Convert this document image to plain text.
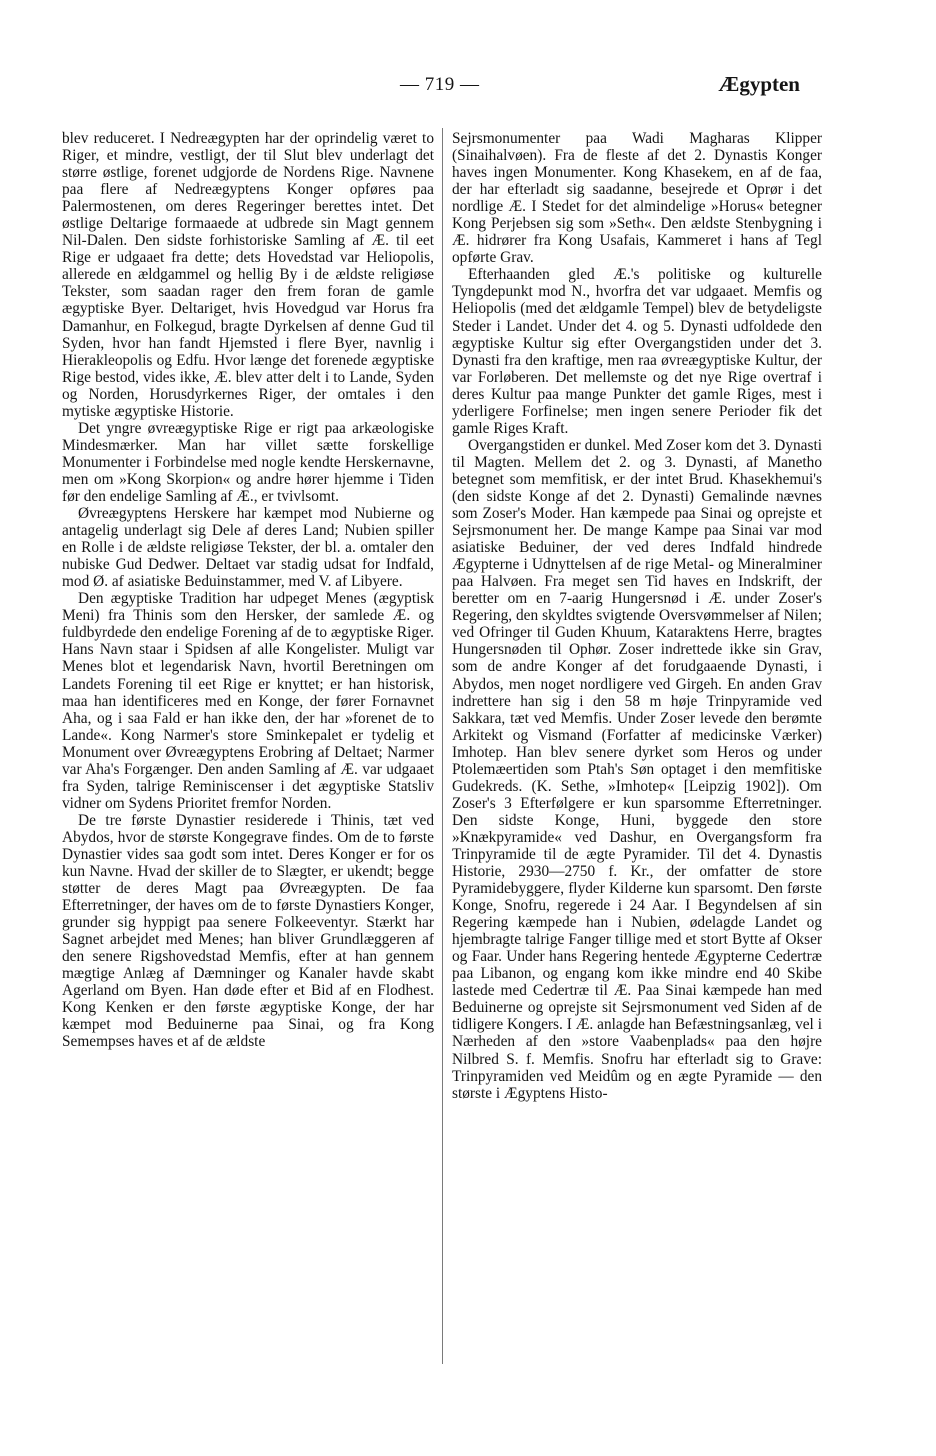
— 719 —	Ægypten

blev reduceret. I Nedreægypten har der oprindelig været to Riger, et mindre, vestligt, der til Slut blev underlagt det større østlige, forenet udgjorde de Nordens Rige. Navnene paa flere af Nedreægyptens Konger opføres paa Palermostenen, om deres Regeringer berettes intet. Det østlige Deltarige formaaede at udbrede sin Magt gennem Nil-Dalen. Den sidste forhistoriske Samling af Æ. til eet Rige er udgaaet fra dette; dets Hovedstad var Heliopolis, allerede en ældgammel og hellig By i de ældste religiøse Tekster, som saadan rager den frem foran de gamle ægyptiske Byer. Deltariget, hvis Hovedgud var Horus fra Damanhur, en Folkegud, bragte Dyrkelsen af denne Gud til Syden, hvor han fandt Hjemsted i flere Byer, navnlig i Hierakleopolis og Edfu. Hvor længe det forenede ægyptiske Rige bestod, vides ikke, Æ. blev atter delt i to Lande, Syden og Norden, Horusdyrkernes Riger, der omtales i den mytiske ægyptiske Historie.

Det yngre øvreægyptiske Rige er rigt paa arkæologiske Mindesmærker. Man har villet sætte forskellige Monumenter i Forbindelse med nogle kendte Herskernavne, men om »Kong Skorpion« og andre hører hjemme i Tiden før den endelige Samling af Æ., er tvivlsomt.

Øvreægyptens Herskere har kæmpet mod Nubierne og antagelig underlagt sig Dele af deres Land; Nubien spiller en Rolle i de ældste religiøse Tekster, der bl. a. omtaler den nubiske Gud Dedwer. Deltaet var stadig udsat for Indfald, mod Ø. af asiatiske Beduinstammer, med V. af Libyere.

Den ægyptiske Tradition har udpeget Menes (ægyptisk Meni) fra Thinis som den Hersker, der samlede Æ. og fuldbyrdede den endelige Forening af de to ægyptiske Riger. Hans Navn staar i Spidsen af alle Kongelister. Muligt var Menes blot et legendarisk Navn, hvortil Beretningen om Landets Forening til eet Rige er knyttet; er han historisk, maa han identificeres med en Konge, der fører Fornavnet Aha, og i saa Fald er han ikke den, der har »forenet de to Lande«. Kong Narmer's store Sminkepalet er tydelig et Monument over Øvreægyptens Erobring af Deltaet; Narmer var Aha's Forgænger. Den anden Samling af Æ. var udgaaet fra Syden, talrige Reminiscenser i det ægyptiske Statsliv vidner om Sydens Prioritet fremfor Norden.

De tre første Dynastier residerede i Thinis, tæt ved Abydos, hvor de største Kongegrave findes. Om de to første Dynastier vides saa godt som intet. Deres Konger er for os kun Navne. Hvad der skiller de to Slægter, er ukendt; begge støtter de deres Magt paa Øvreægypten. De faa Efterretninger, der haves om de to første Dynastiers Konger, grunder sig hyppigt paa senere Folkeeventyr. Stærkt har Sagnet arbejdet med Menes; han bliver Grundlæggeren af den senere Rigshovedstad Memfis, efter at han gennem mægtige Anlæg af Dæmninger og Kanaler havde skabt Agerland om Byen. Han døde efter et Bid af en Flodhest. Kong Kenken er den første ægyptiske Konge, der har kæmpet mod Beduinerne paa Sinai, og fra Kong Semempses haves et af de ældste

Sejrsmonumenter paa Wadi Magharas Klipper (Sinaihalvøen). Fra de fleste af det 2. Dynastis Konger haves ingen Monumenter. Kong Khasekem, en af de faa, der har efterladt sig saadanne, besejrede et Oprør i det nordlige Æ. I Stedet for det almindelige »Horus« betegner Kong Perjebsen sig som »Seth«. Den ældste Stenbygning i Æ. hidrører fra Kong Usafais, Kammeret i hans af Tegl opførte Grav.

Efterhaanden gled Æ.'s politiske og kulturelle Tyngdepunkt mod N., hvorfra det var udgaaet. Memfis og Heliopolis (med det ældgamle Tempel) blev de betydeligste Steder i Landet. Under det 4. og 5. Dynasti udfoldede den ægyptiske Kultur sig efter Overgangstiden under det 3. Dynasti fra den kraftige, men raa øvreægyptiske Kultur, der var Forløberen. Det mellemste og det nye Rige overtraf i deres Kultur paa mange Punkter det gamle Riges, mest i yderligere Forfinelse; men ingen senere Perioder fik det gamle Riges Kraft.

Overgangstiden er dunkel. Med Zoser kom det 3. Dynasti til Magten. Mellem det 2. og 3. Dynasti, af Manetho betegnet som memfitisk, er der intet Brud. Khasekhemui's (den sidste Konge af det 2. Dynasti) Gemalinde nævnes som Zoser's Moder. Han kæmpede paa Sinai og oprejste et Sejrsmonument her. De mange Kampe paa Sinai var mod asiatiske Beduiner, der ved deres Indfald hindrede Ægypterne i Udnyttelsen af de rige Metal- og Mineralminer paa Halvøen. Fra meget sen Tid haves en Indskrift, der beretter om en 7-aarig Hungersnød i Æ. under Zoser's Regering, den skyldtes svigtende Oversvømmelser af Nilen; ved Ofringer til Guden Khuum, Kataraktens Herre, bragtes Hungersnøden til Ophør. Zoser indrettede ikke sin Grav, som de andre Konger af det forudgaaende Dynasti, i Abydos, men noget nordligere ved Girgeh. En anden Grav indrettere han sig i den 58 m høje Trinpyramide ved Sakkara, tæt ved Memfis. Under Zoser levede den berømte Arkitekt og Vismand (Forfatter af medicinske Værker) Imhotep. Han blev senere dyrket som Heros og under Ptolemæertiden som Ptah's Søn optaget i den memfitiske Gudekreds. (K. Sethe, »Imhotep« [Leipzig 1902]). Om Zoser's 3 Efterfølgere er kun sparsomme Efterretninger. Den sidste Konge, Huni, byggede den store »Knækpyramide« ved Dashur, en Overgangsform fra Trinpyramide til de ægte Pyramider. Til det 4. Dynastis Historie, 2930—2750 f. Kr., der omfatter de store Pyramidebyggere, flyder Kilderne kun sparsomt. Den første Konge, Snofru, regerede i 24 Aar. I Begyndelsen af sin Regering kæmpede han i Nubien, ødelagde Landet og hjembragte talrige Fanger tillige med et stort Bytte af Okser og Faar. Under hans Regering hentede Ægypterne Cedertræ paa Libanon, og engang kom ikke mindre end 40 Skibe lastede med Cedertræ til Æ. Paa Sinai kæmpede han med Beduinerne og oprejste sit Sejrsmonument ved Siden af de tidligere Kongers. I Æ. anlagde han Befæstningsanlæg, vel i Nærheden af den »store Vaabenplads« paa den højre Nilbred S. f. Memfis. Snofru har efterladt sig to Grave: Trinpyramiden ved Meidûm og en ægte Pyramide — den største i Ægyptens Histo-
